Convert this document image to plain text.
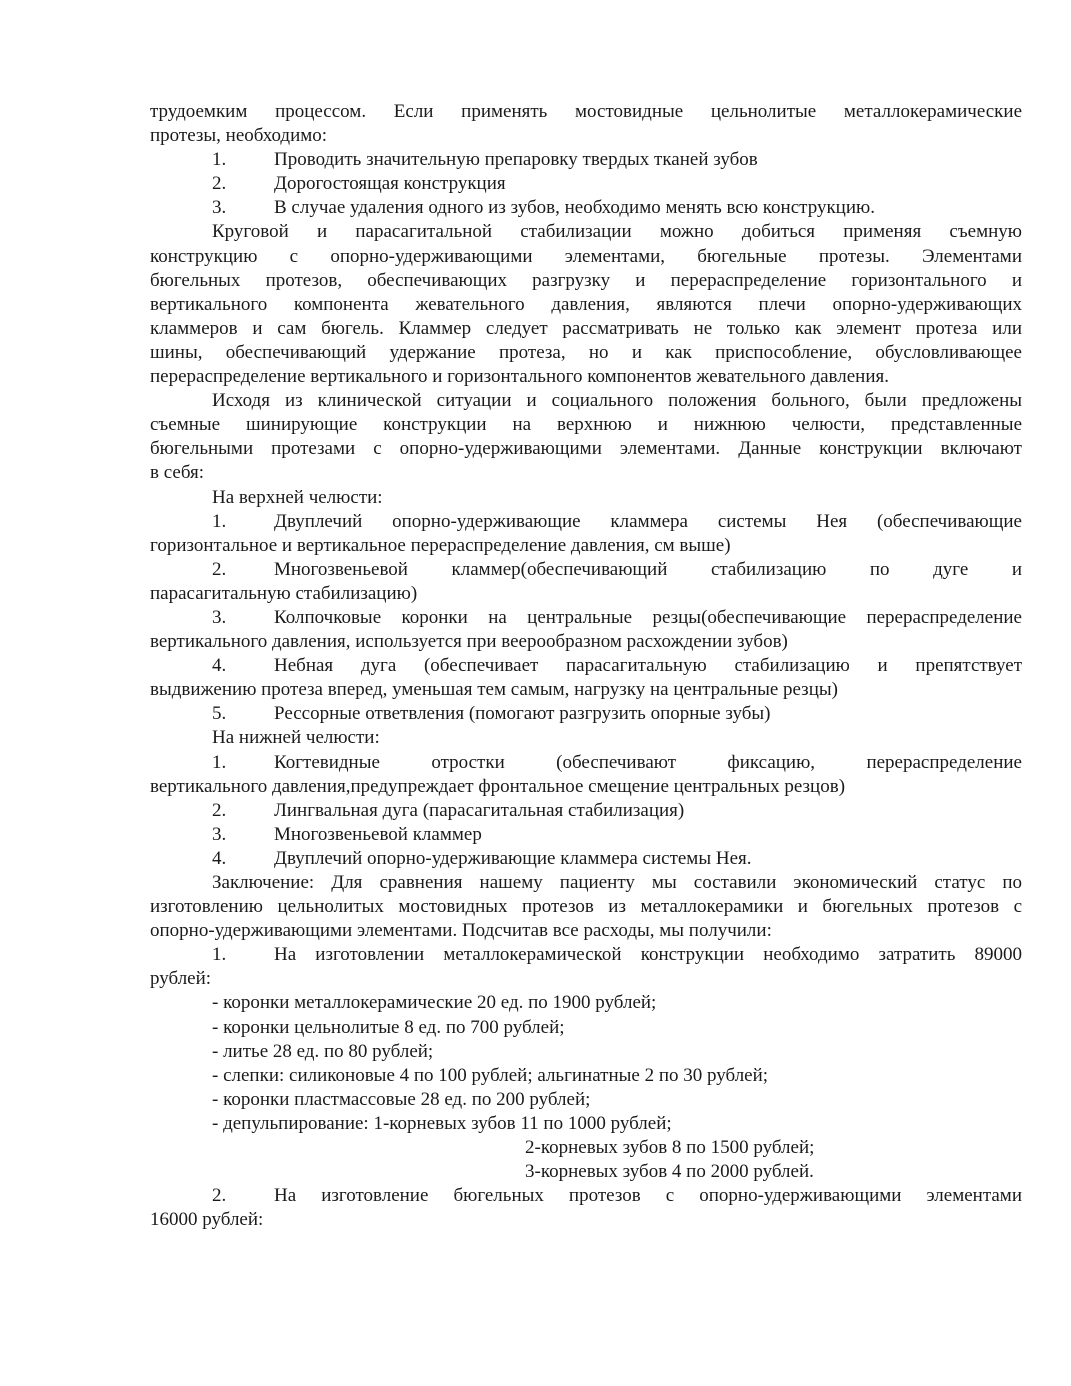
трудоемким процессом. Если применять мостовидные цельнолитые металлокерамические
протезы, необходимо:
1.	Проводить значительную препаровку твердых тканей зубов
2.	Дорогостоящая конструкция
3.	В случае удаления одного из зубов, необходимо менять всю конструкцию.
Круговой и парасагитальной стабилизации можно добиться применяя съемную
конструкцию с опорно-удерживающими элементами, бюгельные протезы. Элементами
бюгельных протезов, обеспечивающих разгрузку и перераспределение горизонтального и
вертикального компонента жевательного давления, являются плечи опорно-удерживающих
кламмеров и сам бюгель. Кламмер следует рассматривать не только как элемент протеза или
шины, обеспечивающий удержание протеза, но и как приспособление, обусловливающее
перераспределение вертикального и горизонтального компонентов жевательного давления.
Исходя из клинической ситуации и социального положения больного, были предложены
съемные шинирующие конструкции на верхнюю и нижнюю челюсти, представленные
бюгельными протезами с опорно-удерживающими элементами. Данные конструкции включают
в себя:
На верхней челюсти:
1.	Двуплечий опорно-удерживающие кламмера системы Нея (обеспечивающие
горизонтальное и вертикальное перераспределение давления, см выше)
2.	Многозвеньевой кламмер(обеспечивающий стабилизацию по дуге и
парасагитальную стабилизацию)
3.	Колпочковые коронки на центральные резцы(обеспечивающие перераспределение
вертикального давления, используется при веерообразном расхождении зубов)
4.	Небная дуга (обеспечивает парасагитальную стабилизацию и препятствует
выдвижению протеза вперед, уменьшая тем самым, нагрузку на центральные резцы)
5.	Рессорные ответвления (помогают разгрузить опорные зубы)
На нижней челюсти:
1.	Когтевидные отростки (обеспечивают фиксацию, перераспределение
вертикального давления,предупреждает фронтальное смещение центральных резцов)
2.	Лингвальная дуга (парасагитальная стабилизация)
3.	Многозвеньевой кламмер
4.	Двуплечий опорно-удерживающие кламмера системы Нея.
Заключение: Для сравнения нашему пациенту мы составили экономический статус по
изготовлению цельнолитых мостовидных протезов из металлокерамики и бюгельных протезов с
опорно-удерживающими элементами. Подсчитав все расходы, мы получили:
1.	На изготовлении металлокерамической конструкции необходимо затратить 89000
рублей:
- коронки металлокерамические 20 ед. по 1900 рублей;
- коронки цельнолитые 8 ед. по 700 рублей;
- литье 28 ед. по 80 рублей;
- слепки: силиконовые 4 по 100 рублей; альгинатные 2 по 30 рублей;
- коронки пластмассовые 28 ед. по 200 рублей;
- депульпирование: 1-корневых зубов 11 по 1000 рублей;
2-корневых зубов 8 по 1500 рублей;
3-корневых зубов 4 по 2000 рублей.
2.	На изготовление бюгельных протезов с опорно-удерживающими элементами
16000 рублей:
